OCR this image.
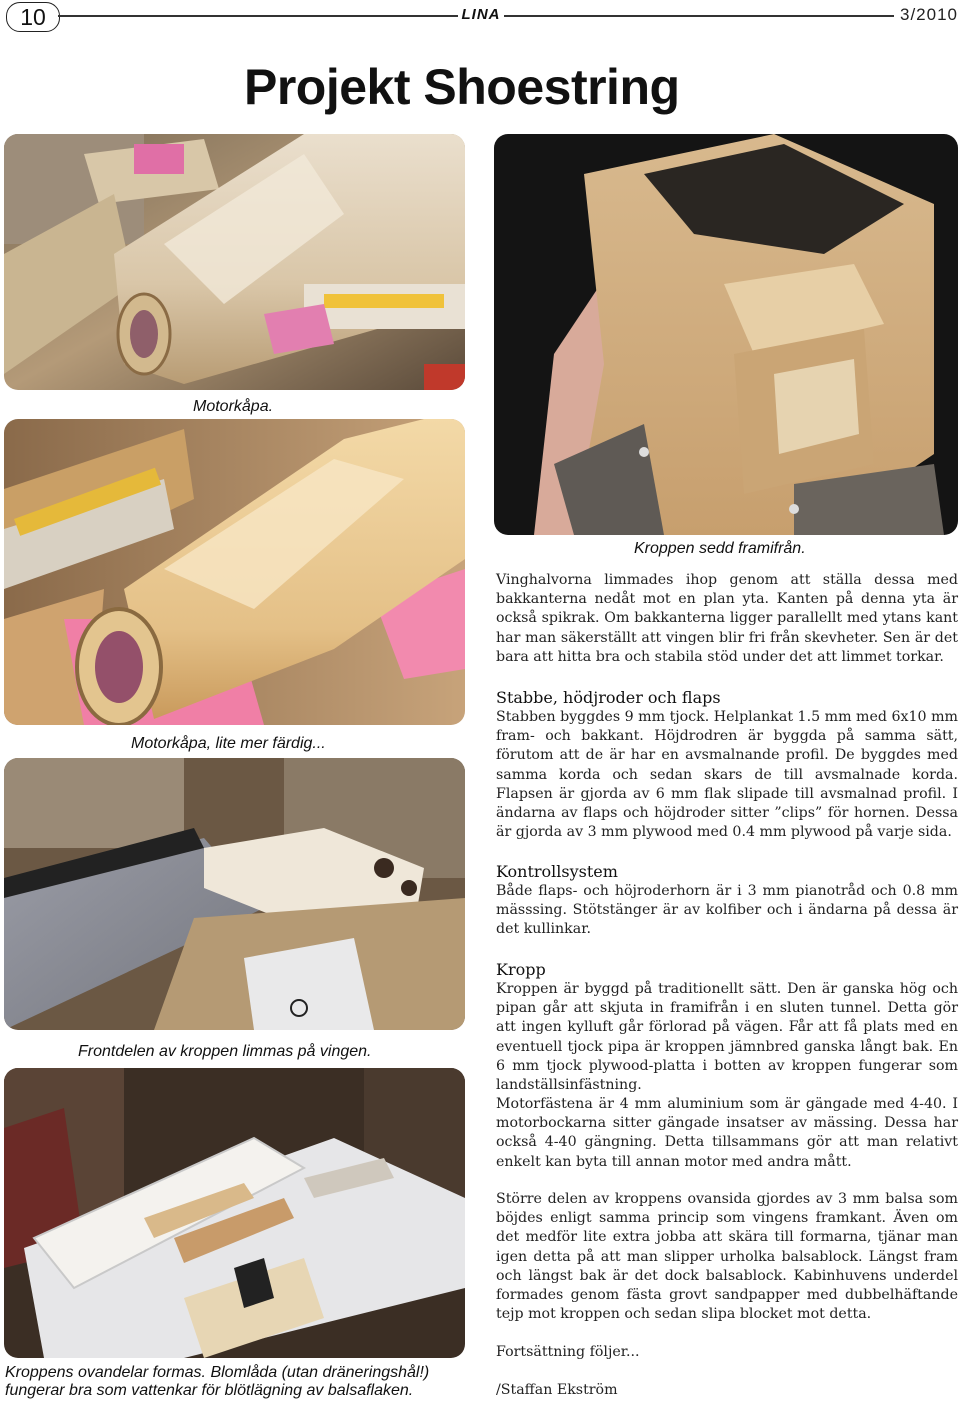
10	LINA	3/2010
Projekt Shoestring
Motorkåpa.
Kroppen sedd framifrån.
Motorkåpa, lite mer färdig...
Frontdelen av kroppen limmas på vingen.
Kroppens ovandelar formas. Blomlåda (utan dräneringshål!)
fungerar bra som vattenkar för blötlägning av balsaflaken.

Vinghalvorna limmades ihop genom att ställa dessa med bakkanterna nedåt mot en plan yta. Kanten på denna yta är också spikrak. Om bakkanterna ligger parallellt med ytans kant har man säkerställt att vingen blir fri från skevheter. Sen är det bara att hitta bra och stabila stöd under det att limmet torkar.

Stabbe, hödjroder och flaps

Stabben byggdes 9 mm tjock. Helplankat 1.5 mm med 6x10 mm fram- och bakkant. Höjdrodren är byggda på samma sätt, förutom att de är har en avsmalnande profil. De byggdes med samma korda och sedan skars de till avsmalnade korda. Flapsen är gjorda av 6 mm flak slipade till avsmalnad profil. I ändarna av flaps och höjdroder sitter ”clips” för hornen. Dessa är gjorda av 3 mm plywood med 0.4 mm plywood på varje sida.

Kontrollsystem

Både flaps- och höjroderhorn är i 3 mm pianotråd och 0.8 mm mässsing. Stötstänger är av kolfiber och i ändarna på dessa är det kullinkar.

Kropp

Kroppen är byggd på traditionellt sätt. Den är ganska hög och pipan går att skjuta in framifrån i en sluten tunnel. Detta gör att ingen kylluft går förlorad på vägen. Får att få plats med en eventuell tjock pipa är kroppen jämnbred ganska långt bak. En 6 mm tjock plywood-platta i botten av kroppen fungerar som landställsinfästning.

Motorfästena är 4 mm aluminium som är gängade med 4-40. I motorbockarna sitter gängade insatser av mässing. Dessa har också 4-40 gängning. Detta tillsammans gör att man relativt enkelt kan byta till annan motor med andra mått.

Större delen av kroppens ovansida gjordes av 3 mm balsa som böjdes enligt samma princip som vingens framkant. Även om det medför lite extra jobba att skära till formarna, tjänar man igen detta på att man slipper urholka balsablock. Längst fram och längst bak är det dock balsablock. Kabinhuvens underdel formades genom fästa grovt sandpapper med dubbelhäftande tejp mot kroppen och sedan slipa blocket mot detta.

Fortsättning följer...

/Staffan Ekström
